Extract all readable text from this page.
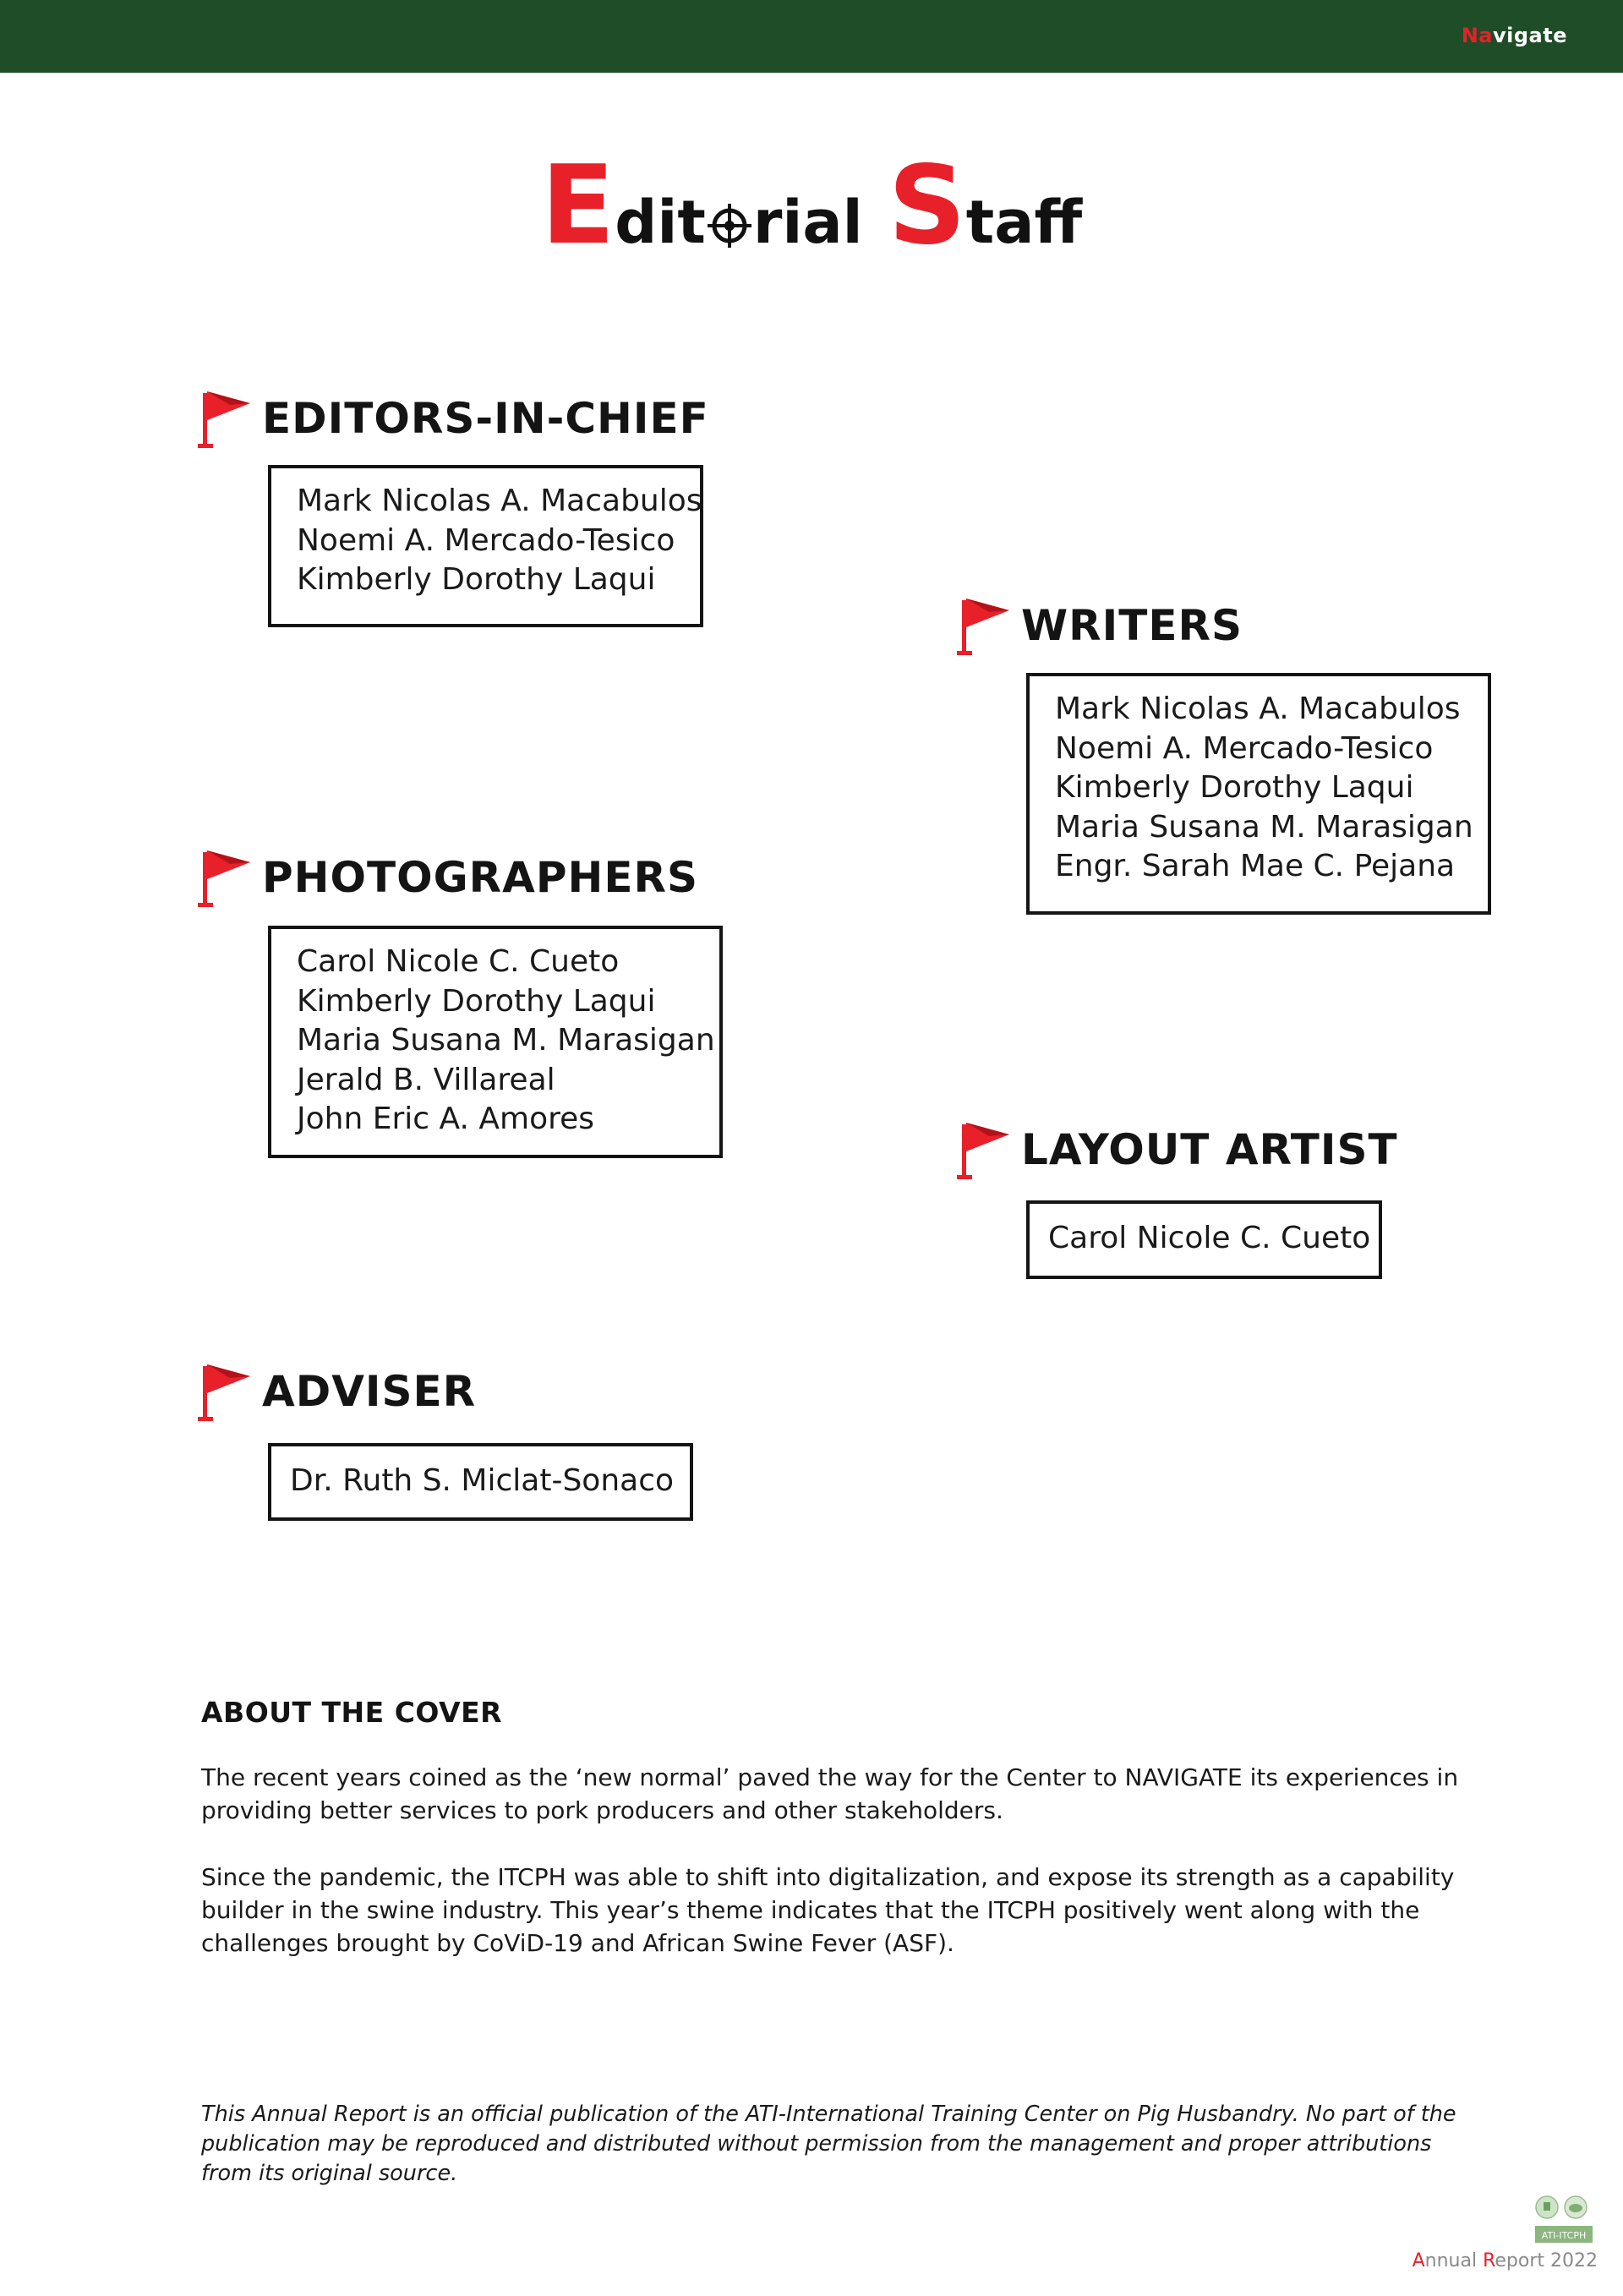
Navigate
Edit rial Staff
EDITORS-IN-CHIEF
Mark Nicolas A. Macabulos
Noemi A. Mercado-Tesico
Kimberly Dorothy Laqui
WRITERS
Mark Nicolas A. Macabulos
Noemi A. Mercado-Tesico
Kimberly Dorothy Laqui
Maria Susana M. Marasigan
Engr. Sarah Mae C. Pejana
PHOTOGRAPHERS
Carol Nicole C. Cueto
Kimberly Dorothy Laqui
Maria Susana M. Marasigan
Jerald B. Villareal
John Eric A. Amores
LAYOUT ARTIST
Carol Nicole C. Cueto
ADVISER
Dr. Ruth S. Miclat-Sonaco
ABOUT THE COVER

The recent years coined as the ‘new normal’ paved the way for the Center to NAVIGATE its experiences in providing better services to pork producers and other stakeholders.

Since the pandemic, the ITCPH was able to shift into digitalization, and expose its strength as a capability builder in the swine industry. This year’s theme indicates that the ITCPH positively went along with the challenges brought by CoViD-19 and African Swine Fever (ASF).

This Annual Report is an official publication of the ATI-International Training Center on Pig Husbandry. No part of the publication may be reproduced and distributed without permission from the management and proper attributions from its original source.

ATI-ITCPH
Annual Report 2022
